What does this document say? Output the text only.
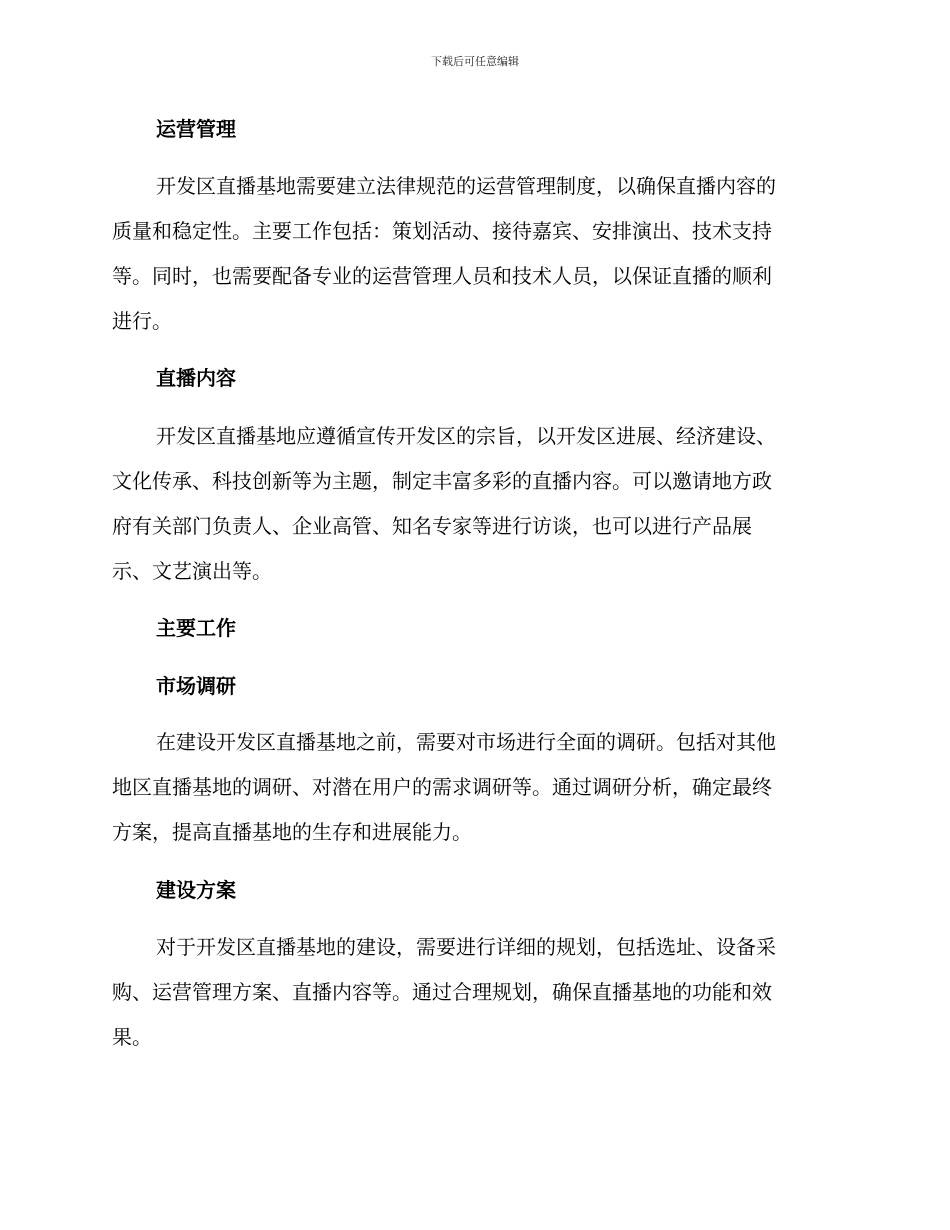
下载后可任意编辑
运营管理

开发区直播基地需要建立法律规范的运营管理制度，以确保直播内容的
质量和稳定性。主要工作包括：策划活动、接待嘉宾、安排演出、技术支持
等。同时，也需要配备专业的运营管理人员和技术人员，以保证直播的顺利
进行。

直播内容

开发区直播基地应遵循宣传开发区的宗旨，以开发区进展、经济建设、
文化传承、科技创新等为主题，制定丰富多彩的直播内容。可以邀请地方政
府有关部门负责人、企业高管、知名专家等进行访谈，也可以进行产品展
示、文艺演出等。

主要工作
市场调研

在建设开发区直播基地之前，需要对市场进行全面的调研。包括对其他
地区直播基地的调研、对潜在用户的需求调研等。通过调研分析，确定最终
方案，提高直播基地的生存和进展能力。

建设方案

对于开发区直播基地的建设，需要进行详细的规划，包括选址、设备采
购、运营管理方案、直播内容等。通过合理规划，确保直播基地的功能和效
果。
